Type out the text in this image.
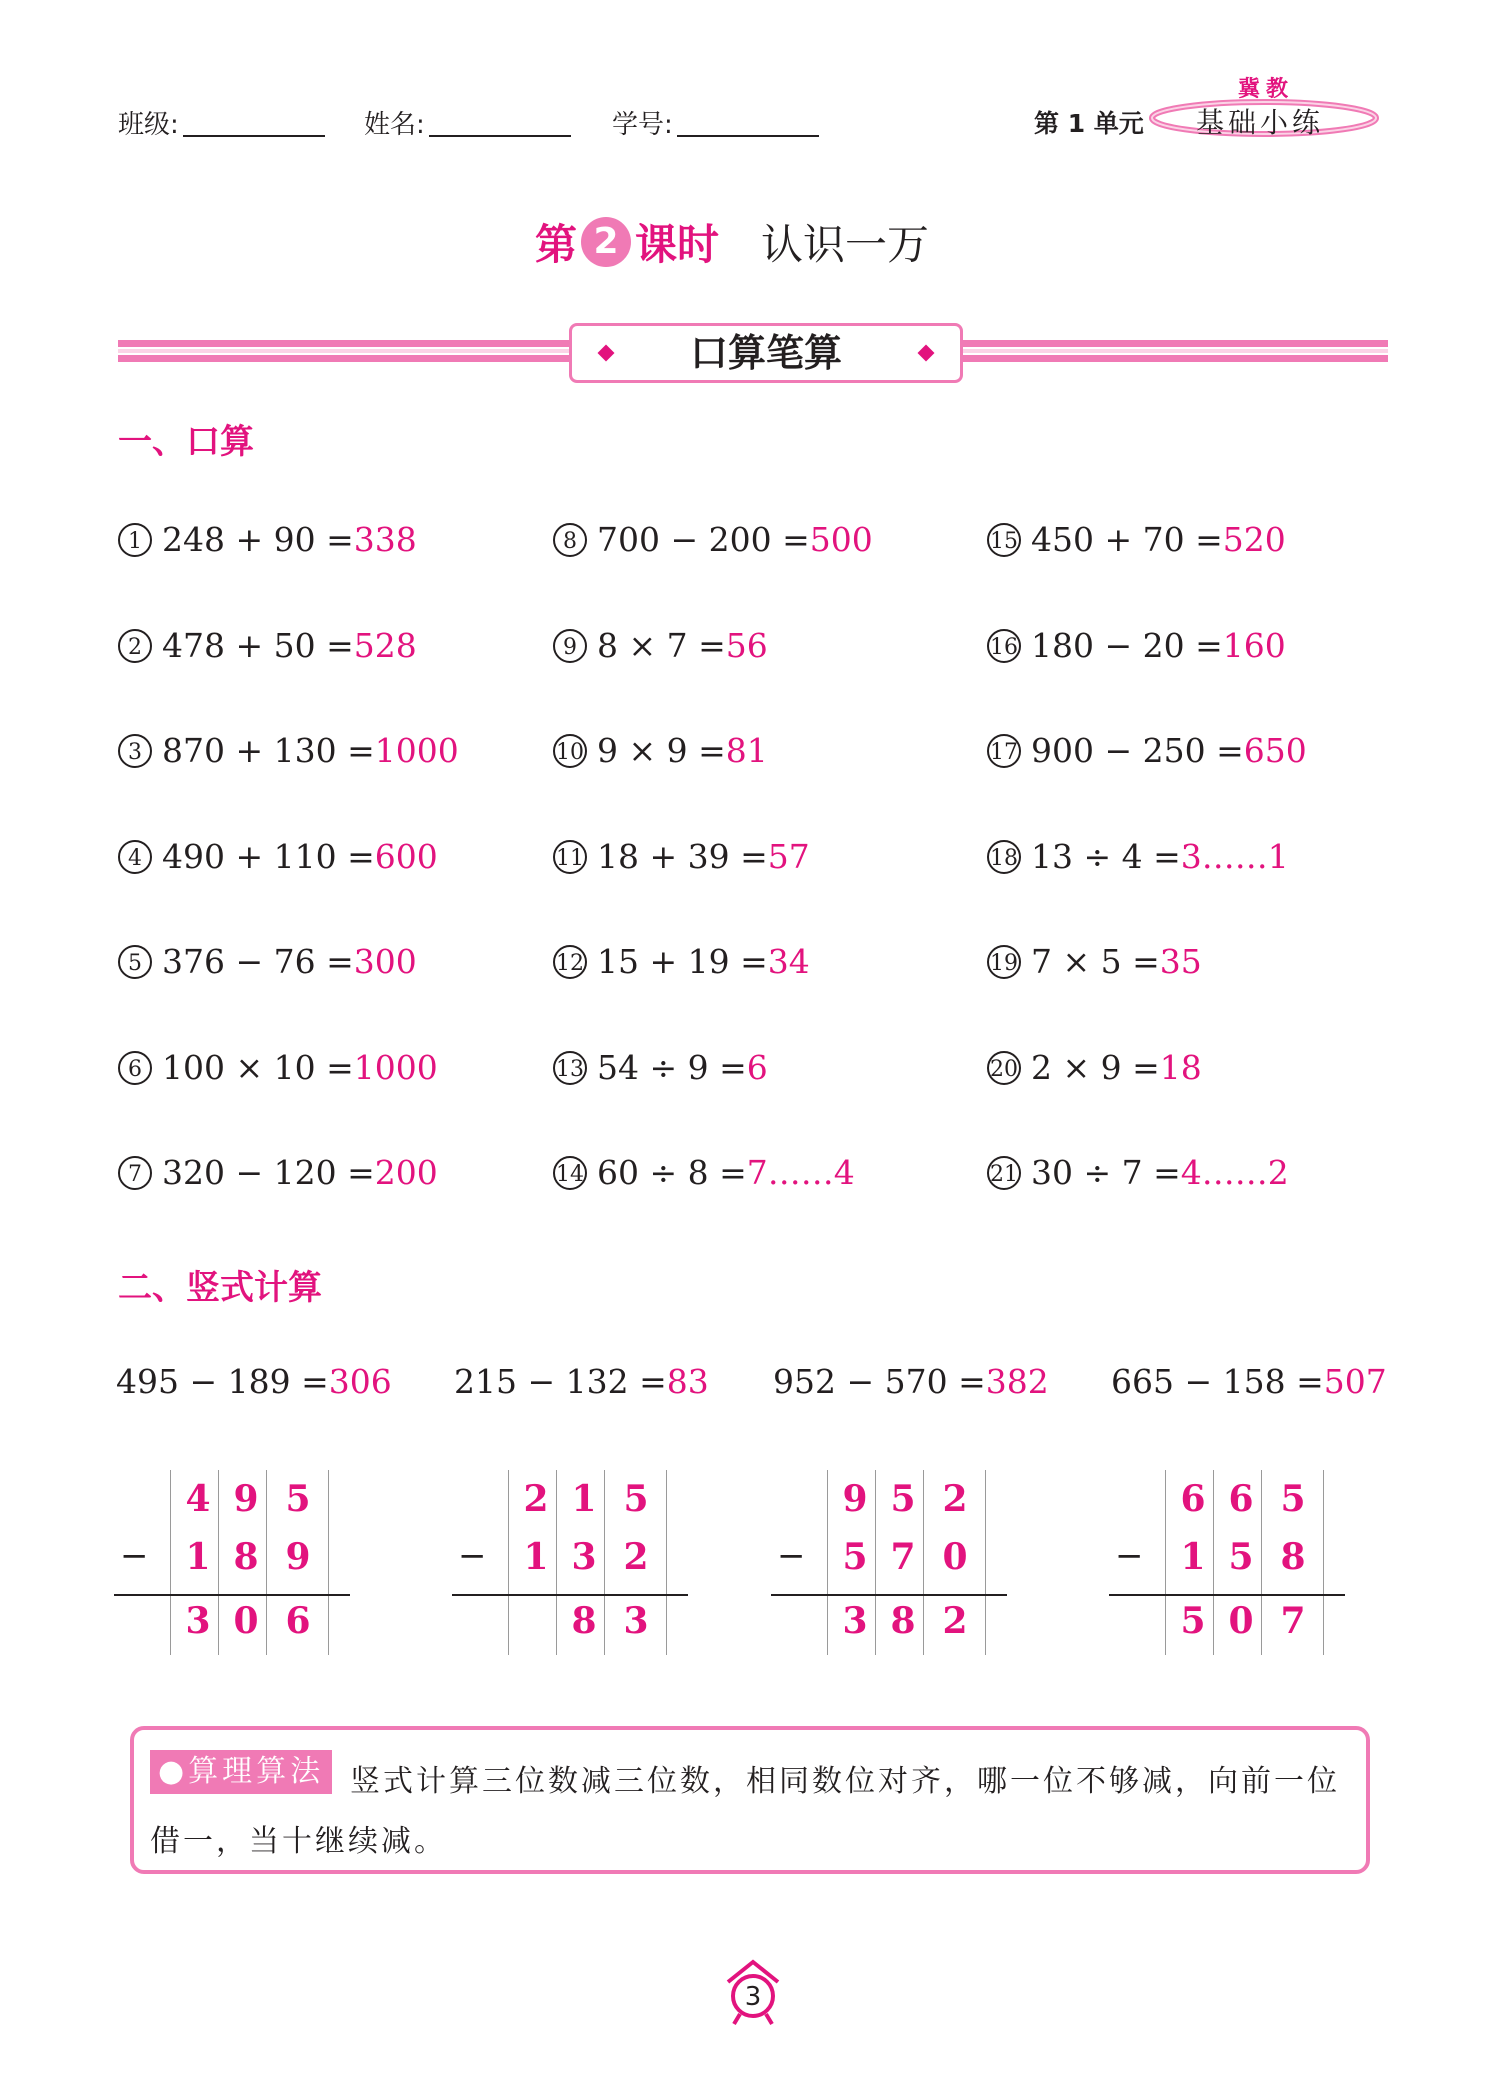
班级:	姓名:	学号:	第 1 单元
冀教
基础小练
第 2 课时 认识一万
口算笔算
一、口算
1 248 + 90 = 338
2 478 + 50 = 528
3 870 + 130 = 1000
4 490 + 110 = 600
5 376 − 76 = 300
6 100 × 10 = 1000
7 320 − 120 = 200
8 700 − 200 = 500
9 8 × 7 = 56
10 9 × 9 = 81
11 18 + 39 = 57
12 15 + 19 = 34
13 54 ÷ 9 = 6
14 60 ÷ 8 = 7……4
15 450 + 70 = 520
16 180 − 20 = 160
17 900 − 250 = 650
18 13 ÷ 4 = 3……1
19 7 × 5 = 35
20 2 × 9 = 18
21 30 ÷ 7 = 4……2
二、竖式计算
495 − 189 =306 215 − 132 =83 952 − 570 =382 665 − 158 =507
−
4 9 5
1 8 9
3 0 6
−
2 1 5
1 3 2
8 3
−
9 5 2
5 7 0
3 8 2
−
6 6 5
1 5 8
5 0 7
竖式计算三位数减三位数，相同数位对齐，哪一位不够减，向前一位借一，当十继续减。
●算理算法
3
